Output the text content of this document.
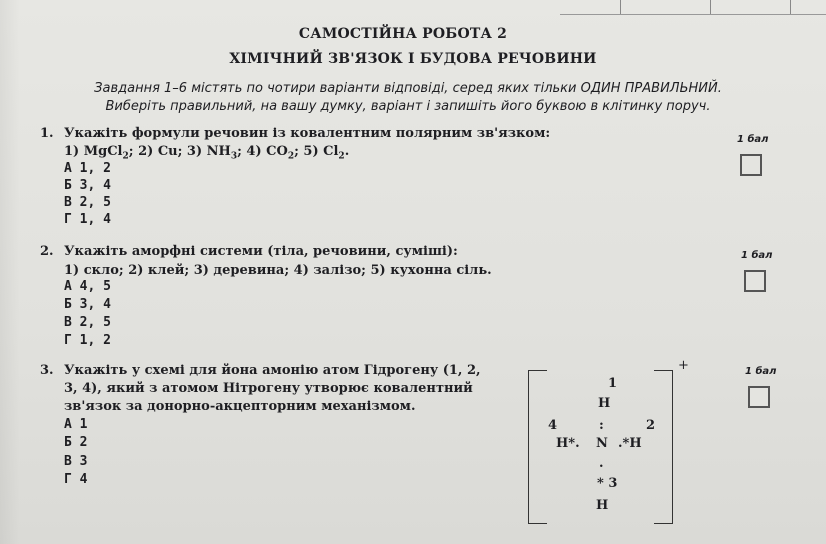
САМОСТІЙНА РОБОТА 2
ХІМІЧНИЙ ЗВ'ЯЗОК І БУДОВА РЕЧОВИНИ
Завдання 1–6 містять по чотири варіанти відповіді, серед яких тільки ОДИН ПРАВИЛЬНИЙ.
Виберіть правильний, на вашу думку, варіант і запишіть його буквою в клітинку поруч.
1. Укажіть формули речовин із ковалентним полярним зв'язком:
1) MgCl$_2$; 2) Cu; 3) $NH_3$; 4) $CO_2$; 5) $Cl_2$.
А 1, 2
Б 3, 4
В 2, 5
Г 1, 4
1 бал
2. Укажіть аморфні системи (тіла, речовини, суміші):
1) скло; 2) клей; 3) деревина; 4) залізо; 5) кухонна сіль.
А 4, 5
Б 3, 4
В 2, 5
Г 1, 2
1 бал
3. Укажіть у схемі для йона амонію атом Гідрогену (1, 2,
3, 4), який з атомом Нітрогену утворює ковалентний
зв'язок за донорно-акцепторним механізмом.
А 1
Б 2
В 3
Г 4
1 бал
+
1
H
:
4	2
H*. N .*H
.
* 3
H
